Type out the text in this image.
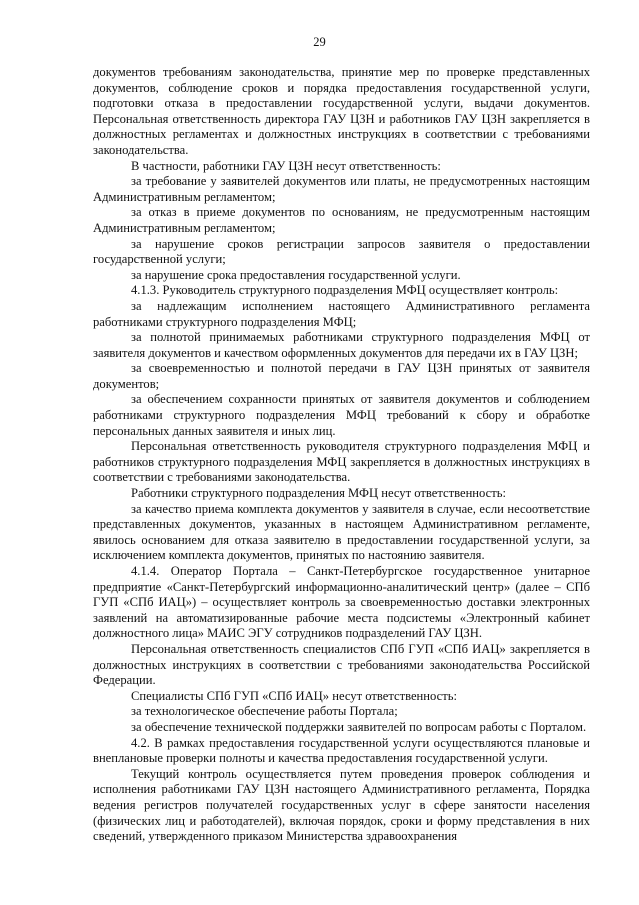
29

документов требованиям законодательства, принятие мер по проверке представленных документов, соблюдение сроков и порядка предоставления государственной услуги, подготовки отказа в предоставлении государственной услуги, выдачи документов. Персональная ответственность директора ГАУ ЦЗН и работников ГАУ ЦЗН закрепляется в должностных регламентах и должностных инструкциях в соответствии с требованиями законодательства.

В частности, работники ГАУ ЦЗН несут ответственность:

за требование у заявителей документов или платы, не предусмотренных настоящим Административным регламентом;

за отказ в приеме документов по основаниям, не предусмотренным настоящим Административным регламентом;

за нарушение сроков регистрации запросов заявителя о предоставлении государственной услуги;

за нарушение срока предоставления государственной услуги.

4.1.3. Руководитель структурного подразделения МФЦ осуществляет контроль:

за надлежащим исполнением настоящего Административного регламента работниками структурного подразделения МФЦ;

за полнотой принимаемых работниками структурного подразделения МФЦ от заявителя документов и качеством оформленных документов для передачи их в ГАУ ЦЗН;

за своевременностью и полнотой передачи в ГАУ ЦЗН принятых от заявителя документов;

за обеспечением сохранности принятых от заявителя документов и соблюдением работниками структурного подразделения МФЦ требований к сбору и обработке персональных данных заявителя и иных лиц.

Персональная ответственность руководителя структурного подразделения МФЦ и работников структурного подразделения МФЦ закрепляется в должностных инструкциях в соответствии с требованиями законодательства.

Работники структурного подразделения МФЦ несут ответственность:

за качество приема комплекта документов у заявителя в случае, если несоответствие представленных документов, указанных в настоящем Административном регламенте, явилось основанием для отказа заявителю в предоставлении государственной услуги, за исключением комплекта документов, принятых по настоянию заявителя.

4.1.4. Оператор Портала – Санкт-Петербургское государственное унитарное предприятие «Санкт-Петербургский информационно-аналитический центр» (далее – СПб ГУП «СПб ИАЦ») – осуществляет контроль за своевременностью доставки электронных заявлений на автоматизированные рабочие места подсистемы «Электронный кабинет должностного лица» МАИС ЭГУ сотрудников подразделений ГАУ ЦЗН.

Персональная ответственность специалистов СПб ГУП «СПб ИАЦ» закрепляется в должностных инструкциях в соответствии с требованиями законодательства Российской Федерации.

Специалисты СПб ГУП «СПб ИАЦ» несут ответственность:

за технологическое обеспечение работы Портала;

за обеспечение технической поддержки заявителей по вопросам работы с Порталом.

4.2. В рамках предоставления государственной услуги осуществляются плановые и внеплановые проверки полноты и качества предоставления государственной услуги.

Текущий контроль осуществляется путем проведения проверок соблюдения и исполнения работниками ГАУ ЦЗН настоящего Административного регламента, Порядка ведения регистров получателей государственных услуг в сфере занятости населения (физических лиц и работодателей), включая порядок, сроки и форму представления в них сведений, утвержденного приказом Министерства здравоохранения
